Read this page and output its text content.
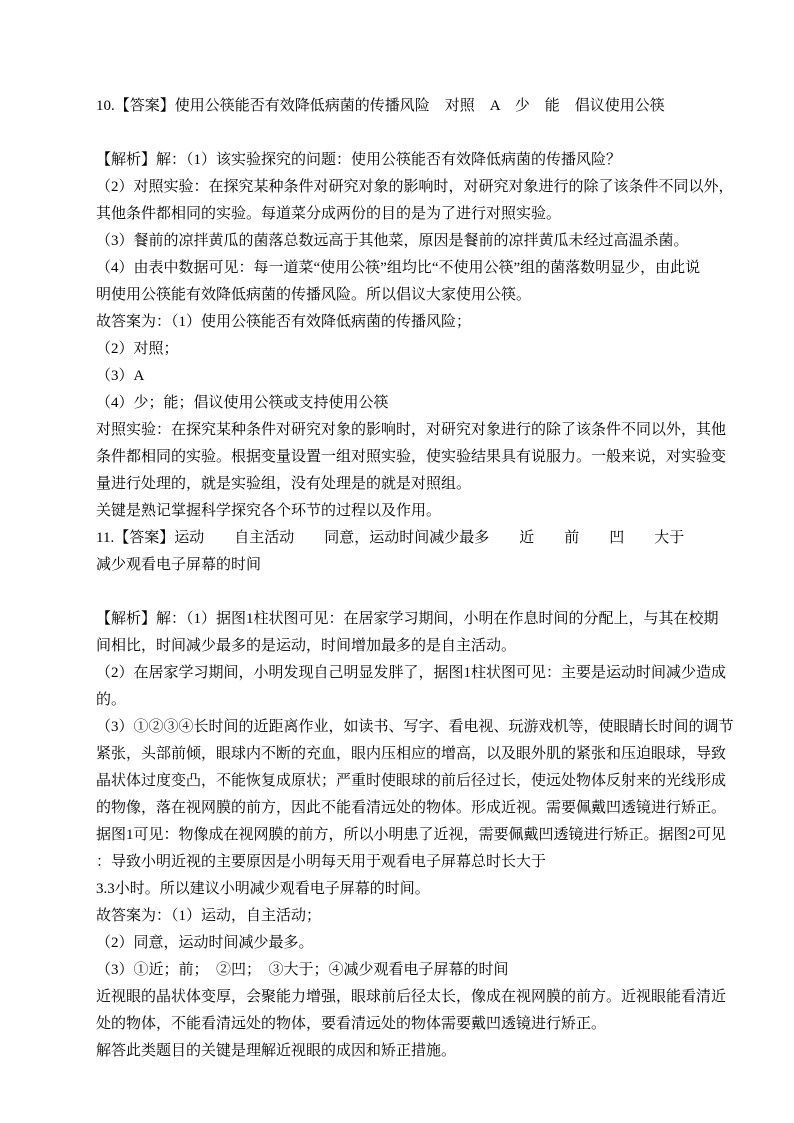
10.【答案】使用公筷能否有效降低病菌的传播风险　对照　A　少　能　倡议使用公筷
【解析】解：（1）该实验探究的问题：使用公筷能否有效降低病菌的传播风险？
（2）对照实验：在探究某种条件对研究对象的影响时，对研究对象进行的除了该条件不同以外，
其他条件都相同的实验。每道菜分成两份的目的是为了进行对照实验。
（3）餐前的凉拌黄瓜的菌落总数远高于其他菜，原因是餐前的凉拌黄瓜未经过高温杀菌。
（4）由表中数据可见：每一道菜“使用公筷”组均比“不使用公筷”组的菌落数明显少，由此说
明使用公筷能有效降低病菌的传播风险。所以倡议大家使用公筷。
故答案为：（1）使用公筷能否有效降低病菌的传播风险；
（2）对照；
（3）A
（4）少；能；倡议使用公筷或支持使用公筷
对照实验：在探究某种条件对研究对象的影响时，对研究对象进行的除了该条件不同以外，其他
条件都相同的实验。根据变量设置一组对照实验，使实验结果具有说服力。一般来说，对实验变
量进行处理的，就是实验组，没有处理是的就是对照组。
关键是熟记掌握科学探究各个环节的过程以及作用。
11.【答案】运动　　自主活动　　同意，运动时间减少最多　　近　　前　　凹　　大于
减少观看电子屏幕的时间
【解析】解：（1）据图1柱状图可见：在居家学习期间，小明在作息时间的分配上，与其在校期
间相比，时间减少最多的是运动，时间增加最多的是自主活动。
（2）在居家学习期间，小明发现自己明显发胖了，据图1柱状图可见：主要是运动时间减少造成
的。
（3）①②③④长时间的近距离作业，如读书、写字、看电视、玩游戏机等，使眼睛长时间的调节
紧张，头部前倾，眼球内不断的充血，眼内压相应的增高，以及眼外肌的紧张和压迫眼球，导致
晶状体过度变凸，不能恢复成原状；严重时使眼球的前后径过长，使远处物体反射来的光线形成
的物像，落在视网膜的前方，因此不能看清远处的物体。形成近视。需要佩戴凹透镜进行矫正。
据图1可见：物像成在视网膜的前方，所以小明患了近视，需要佩戴凹透镜进行矫正。据图2可见
：导致小明近视的主要原因是小明每天用于观看电子屏幕总时长大于
3.3小时。所以建议小明减少观看电子屏幕的时间。
故答案为：（1）运动，自主活动；
（2）同意，运动时间减少最多。
（3）①近；前；　②凹；　③大于；④减少观看电子屏幕的时间
近视眼的晶状体变厚，会聚能力增强，眼球前后径太长，像成在视网膜的前方。近视眼能看清近
处的物体，不能看清远处的物体，要看清远处的物体需要戴凹透镜进行矫正。
解答此类题目的关键是理解近视眼的成因和矫正措施。
